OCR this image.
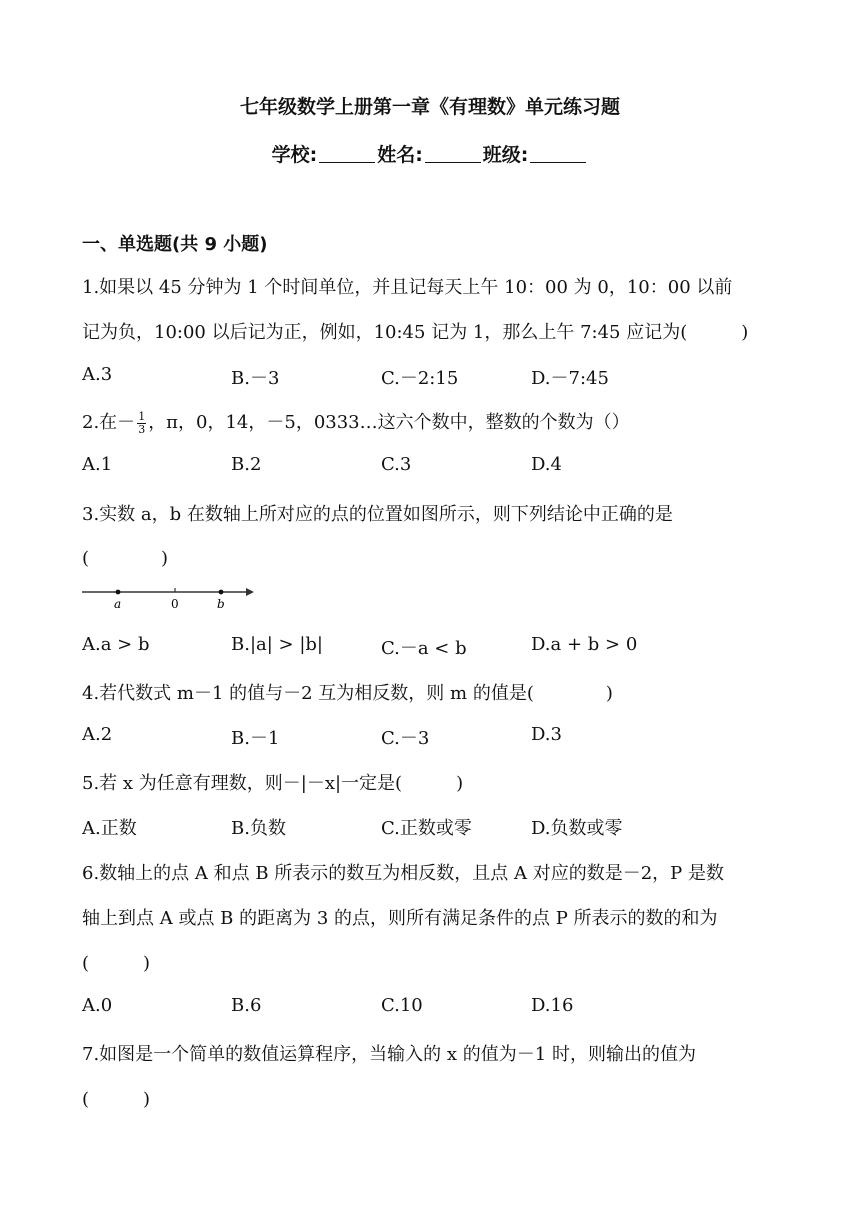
七年级数学上册第一章《有理数》单元练习题
学校:	姓名:	班级:
一、单选题(共 9 小题)
1.如果以 45 分钟为 1 个时间单位，并且记每天上午 10：00 为 0，10：00 以前
记为负，10:00 以后记为正，例如，10:45 记为 1，那么上午 7:45 应记为(　　　)
A.3	B.－3	C.－2:15	D.－7:45
2.在－ $\frac{1}{3}$ ，π，0，14，－5，0333…这六个数中，整数的个数为（）
A.1	B.2	C.3	D.4
3.实数 a，b 在数轴上所对应的点的位置如图所示，则下列结论中正确的是
(　　　　)
a	0	b
A.a > b	B.|a| > |b|	C.－a < b	D.a + b > 0
4.若代数式 m－1 的值与－2 互为相反数，则 m 的值是(　　　　)
A.2	B.－1	C.－3	D.3
5.若 x 为任意有理数，则－|－x|一定是(　　　)
A.正数	B.负数	C.正数或零	D.负数或零
6.数轴上的点 A 和点 B 所表示的数互为相反数，且点 A 对应的数是－2，P 是数
轴上到点 A 或点 B 的距离为 3 的点，则所有满足条件的点 P 所表示的数的和为
(　　　)
A.0	B.6	C.10	D.16
7.如图是一个简单的数值运算程序，当输入的 x 的值为－1 时，则输出的值为
(　　　)
